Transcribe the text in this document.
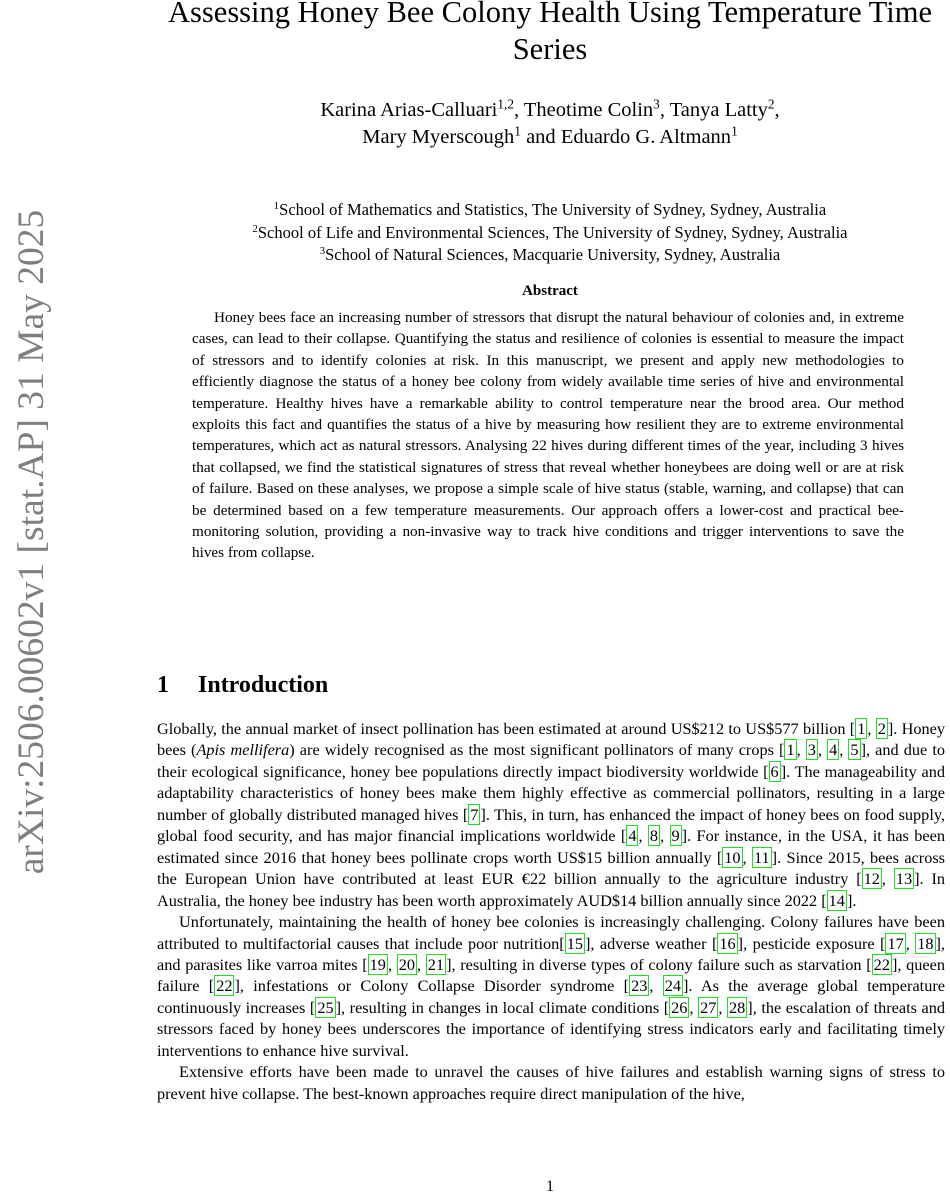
arXiv:2506.00602v1 [stat.AP] 31 May 2025
Assessing Honey Bee Colony Health Using Temperature Time Series
Karina Arias-Calluari$^{1,2}$, Theotime Colin$^3$, Tanya Latty$^2$,
Mary Myerscough$^1$ and Eduardo G. Altmann$^1$
$^1$School of Mathematics and Statistics, The University of Sydney, Sydney, Australia
$^2$School of Life and Environmental Sciences, The University of Sydney, Sydney, Australia
$^3$School of Natural Sciences, Macquarie University, Sydney, Australia
Abstract
Honey bees face an increasing number of stressors that disrupt the natural behaviour of colonies and, in extreme cases, can lead to their collapse. Quantifying the status and resilience of colonies is essential to measure the impact of stressors and to identify colonies at risk. In this manuscript, we present and apply new methodologies to efficiently diagnose the status of a honey bee colony from widely available time series of hive and environmental temperature. Healthy hives have a remarkable ability to control temperature near the brood area. Our method exploits this fact and quantifies the status of a hive by measuring how resilient they are to extreme environmental temperatures, which act as natural stressors. Analysing 22 hives during different times of the year, including 3 hives that collapsed, we find the statistical signatures of stress that reveal whether honeybees are doing well or are at risk of failure. Based on these analyses, we propose a simple scale of hive status (stable, warning, and collapse) that can be determined based on a few temperature measurements. Our approach offers a lower-cost and practical bee-monitoring solution, providing a non-invasive way to track hive conditions and trigger interventions to save the hives from collapse.
1 Introduction

Globally, the annual market of insect pollination has been estimated at around US$212 to US$577 billion [ 1 , 2 ]. Honey bees (Apis mellifera) are widely recognised as the most significant pollinators of many crops [ 1 , 3 , 4 , 5 ], and due to their ecological significance, honey bee populations directly impact biodiversity worldwide [ 6 ]. The manageability and adaptability characteristics of honey bees make them highly effective as commercial pollinators, resulting in a large number of globally distributed managed hives [ 7 ]. This, in turn, has enhanced the impact of honey bees on food supply, global food security, and has major financial implications worldwide [ 4 , 8 , 9 ]. For instance, in the USA, it has been estimated since 2016 that honey bees pollinate crops worth US$15 billion annually [ 10 , 11 ]. Since 2015, bees across the European Union have contributed at least EUR €22 billion annually to the agriculture industry [ 12 , 13 ]. In Australia, the honey bee industry has been worth approximately AUD$14 billion annually since 2022 [ 14 ].

Unfortunately, maintaining the health of honey bee colonies is increasingly challenging. Colony failures have been attributed to multifactorial causes that include poor nutrition[ 15 ], adverse weather [ 16 ], pesticide exposure [ 17 , 18 ], and parasites like varroa mites [ 19 , 20 , 21 ], resulting in diverse types of colony failure such as starvation [ 22 ], queen failure [ 22 ], infestations or Colony Collapse Disorder syndrome [ 23 , 24 ]. As the average global temperature continuously increases [ 25 ], resulting in changes in local climate conditions [ 26 , 27 , 28 ], the escalation of threats and stressors faced by honey bees underscores the importance of identifying stress indicators early and facilitating timely interventions to enhance hive survival.

Extensive efforts have been made to unravel the causes of hive failures and establish warning signs of stress to prevent hive collapse. The best-known approaches require direct manipulation of the hive,

1
